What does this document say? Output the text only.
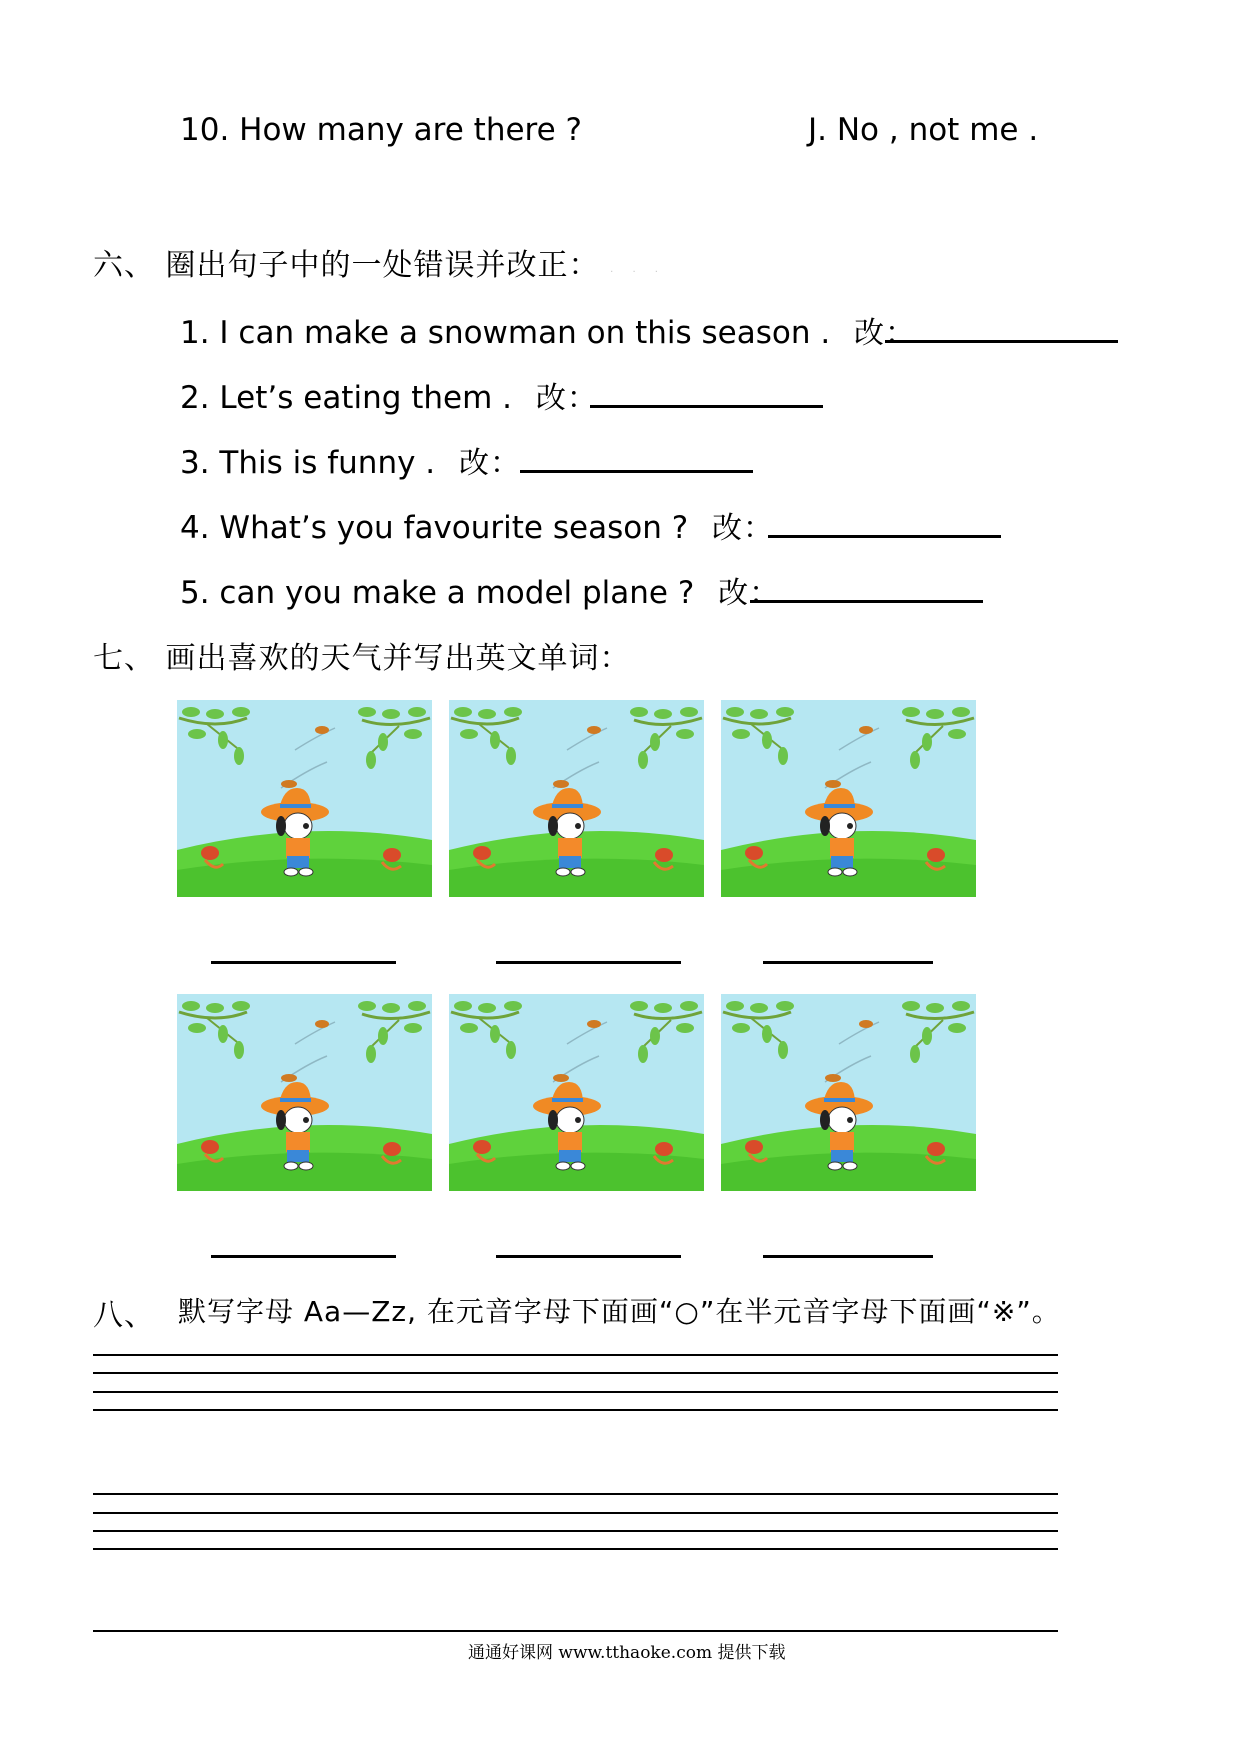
10. How many are there ?	J. No , not me .
六、 圈出句子中的一处错误并改正： · · ·
1. I can make a snowman on this season . 改：
2. Let’s eating them . 改：
3. This is funny . 改：
4. What’s you favourite season ? 改：
5. can you make a model plane ? 改：
七、 画出喜欢的天气并写出英文单词：
八、 默写字母 Aa—Zz, 在元音字母下面画“○”在半元音字母下面画“※”。
通通好课网 www.tthaoke.com 提供下载
